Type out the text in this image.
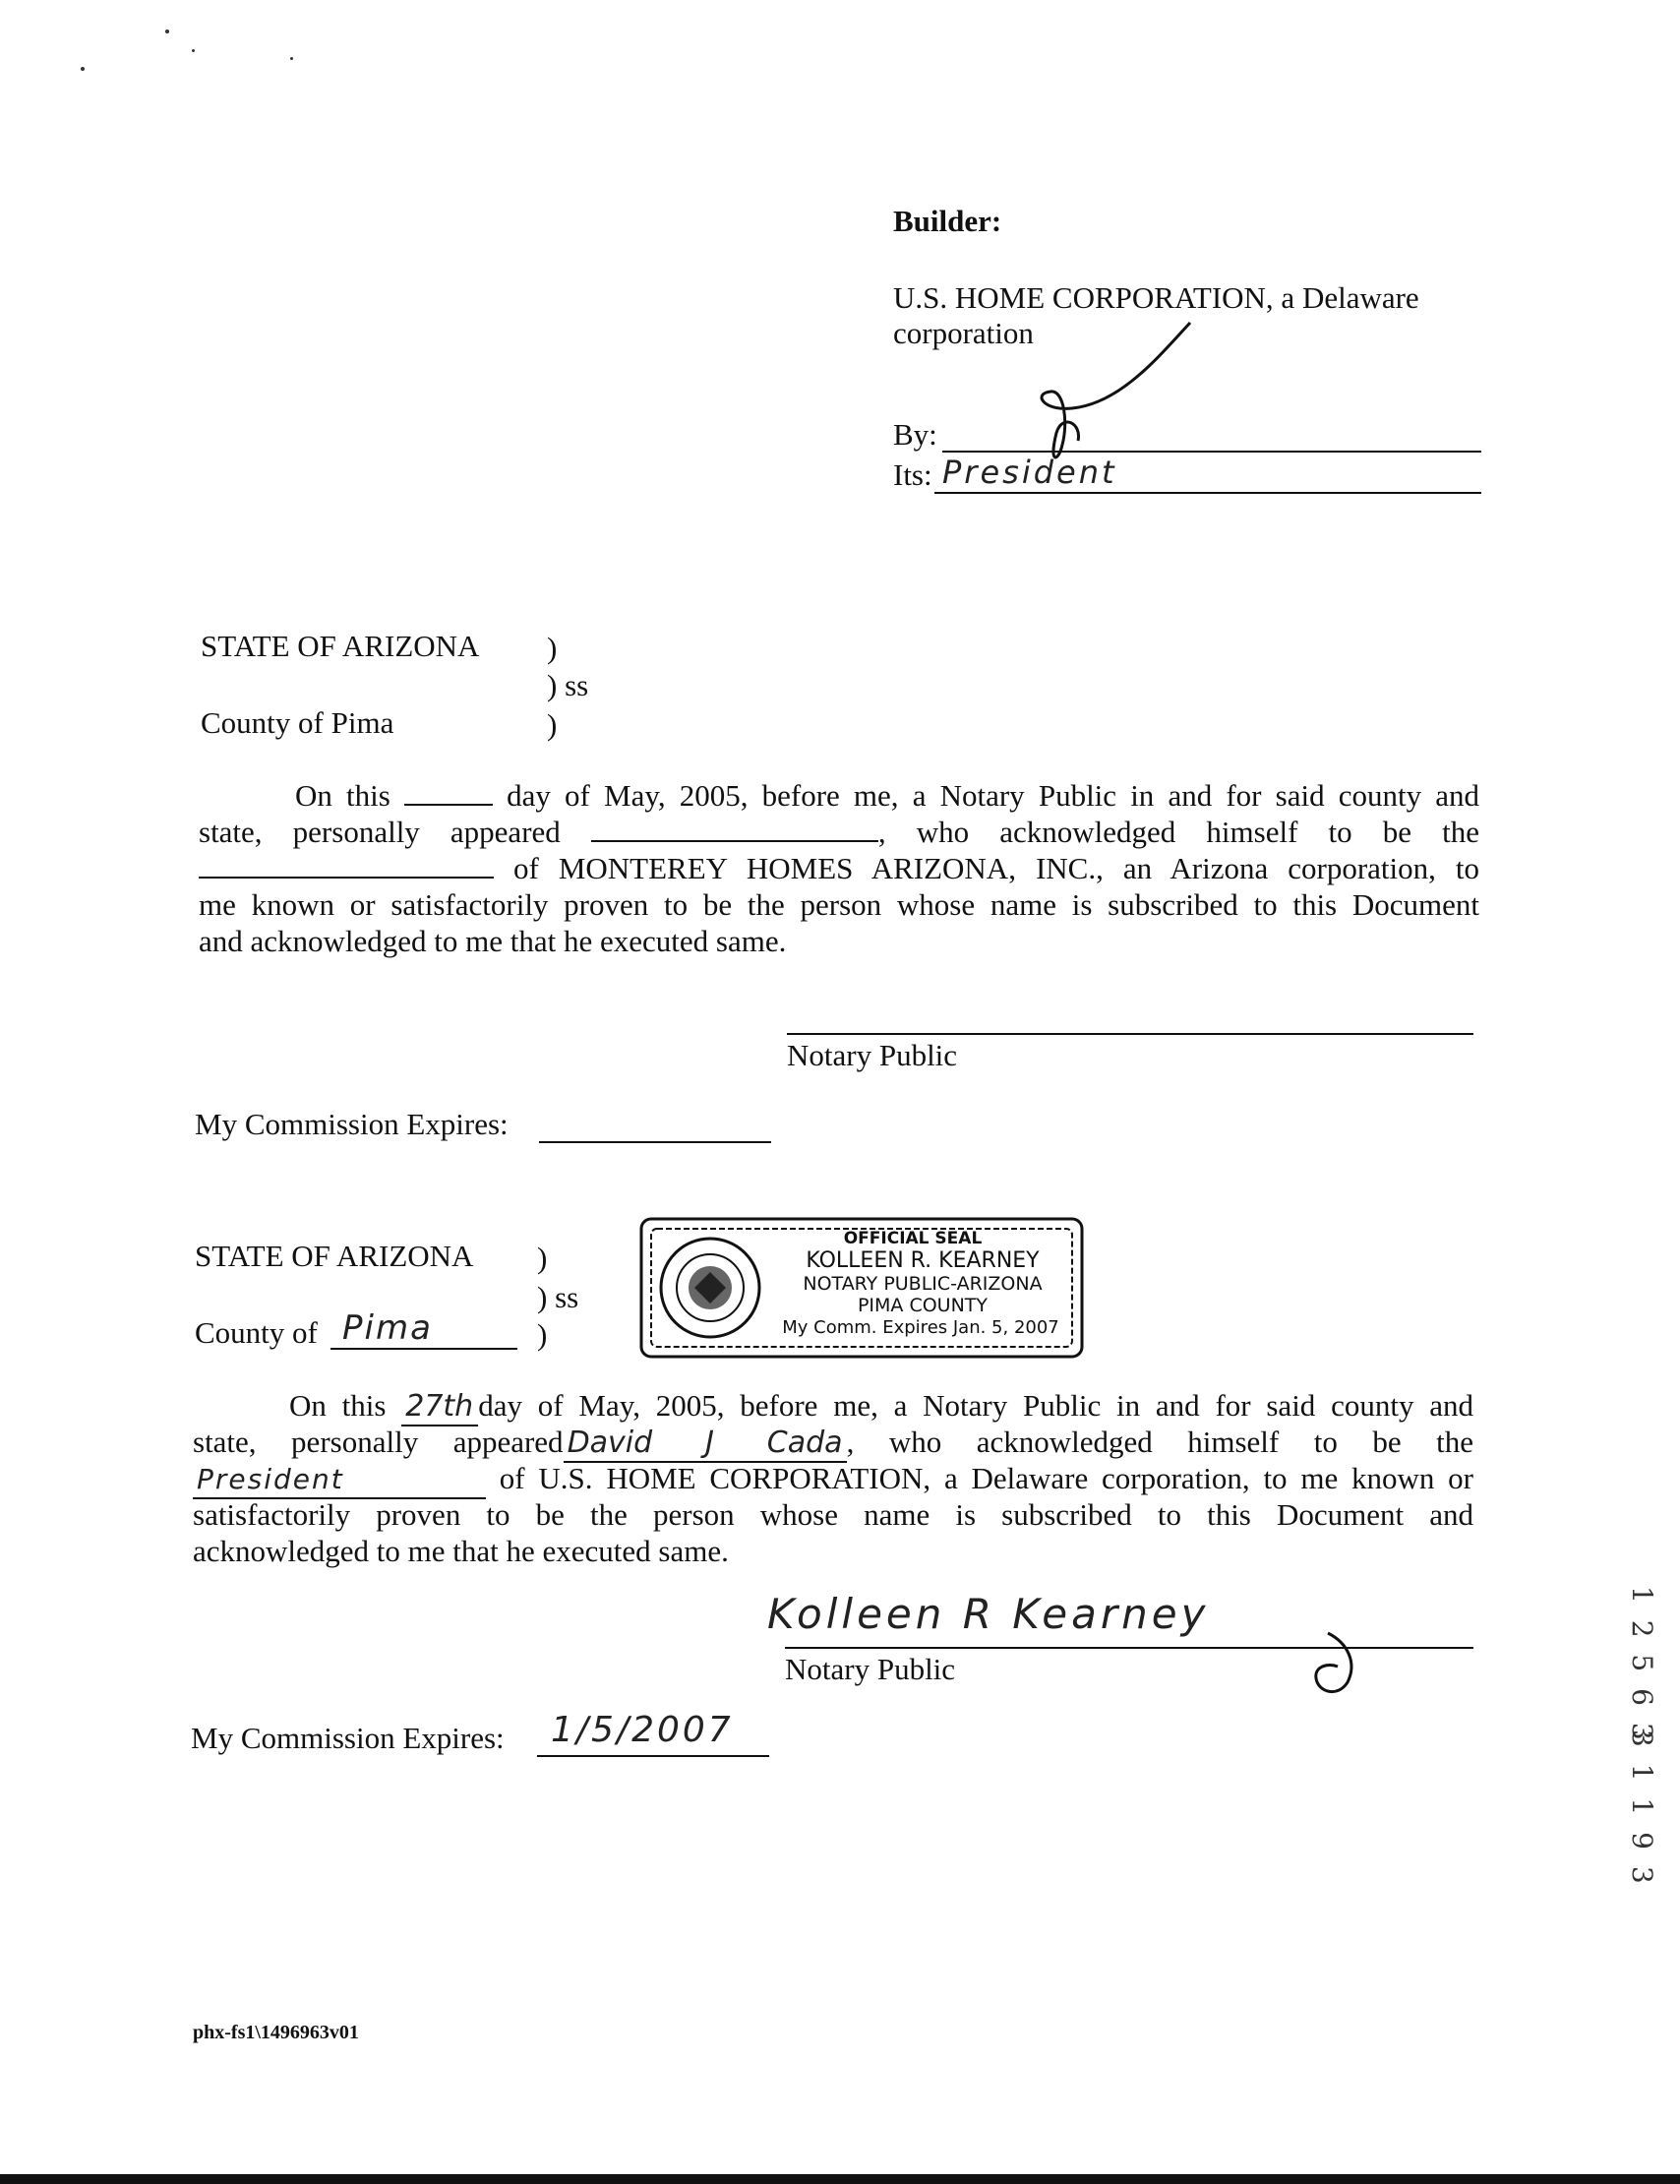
Builder:
U.S. HOME CORPORATION, a Delaware
corporation
By:
Its: President
STATE OF ARIZONA )
) ss
County of Pima	)
On this	day of May, 2005, before me, a Notary Public in and for said county and
state, personally appeared	, who acknowledged himself to be the
of MONTEREY HOMES ARIZONA, INC., an Arizona corporation, to
me known or satisfactorily proven to be the person whose name is subscribed to this Document
and acknowledged to me that he executed same.
Notary Public
My Commission Expires:
STATE OF ARIZONA )
) ss
County of Pima	)
OFFICIAL SEAL
KOLLEEN R. KEARNEY
NOTARY PUBLIC-ARIZONA
PIMA COUNTY
My Comm. Expires Jan. 5, 2007
On this 27th day of May, 2005, before me, a Notary Public in and for said county and
state, personally appeared David J Cada , who acknowledged himself to be the
President	of U.S. HOME CORPORATION, a Delaware corporation, to me known or
satisfactorily proven to be the person whose name is subscribed to this Document and
acknowledged to me that he executed same.
Kolleen R Kearney
Notary Public
My Commission Expires: 1/5/2007	1 2 5 6 3
3 1 1 9 3
phx-fs1\1496963v01
